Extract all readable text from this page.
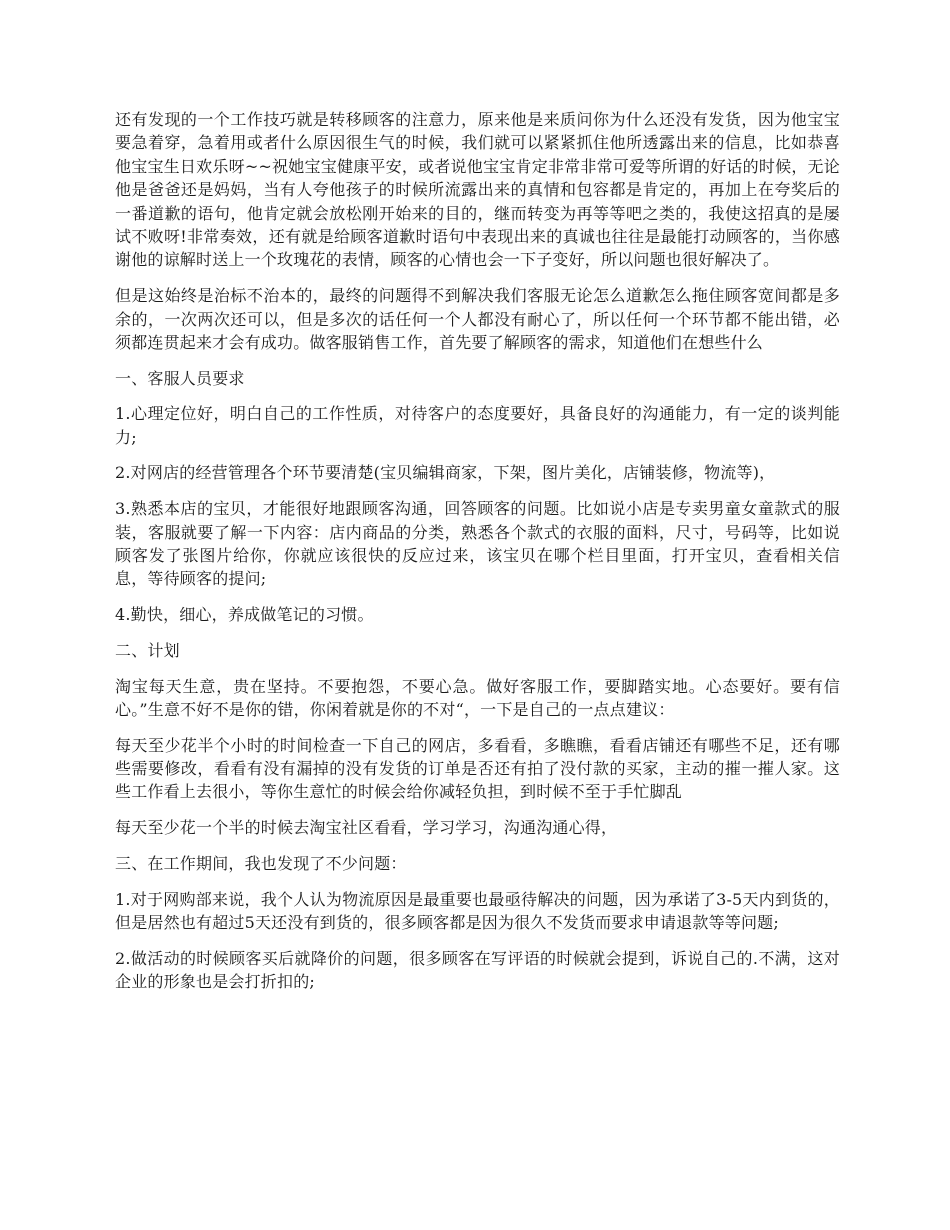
还有发现的一个工作技巧就是转移顾客的注意力，原来他是来质问你为什么还没有发货，因为他宝宝要急着穿，急着用或者什么原因很生气的时候，我们就可以紧紧抓住他所透露出来的信息，比如恭喜他宝宝生日欢乐呀~~祝她宝宝健康平安，或者说他宝宝肯定非常非常可爱等所谓的好话的时候，无论他是爸爸还是妈妈，当有人夸他孩子的时候所流露出来的真情和包容都是肯定的，再加上在夸奖后的一番道歉的语句，他肯定就会放松刚开始来的目的，继而转变为再等等吧之类的，我使这招真的是屡试不败呀!非常奏效，还有就是给顾客道歉时语句中表现出来的真诚也往往是最能打动顾客的，当你感谢他的谅解时送上一个玫瑰花的表情，顾客的心情也会一下子变好，所以问题也很好解决了。

但是这始终是治标不治本的，最终的问题得不到解决我们客服无论怎么道歉怎么拖住顾客宽间都是多余的，一次两次还可以，但是多次的话任何一个人都没有耐心了，所以任何一个环节都不能出错，必须都连贯起来才会有成功。做客服销售工作，首先要了解顾客的需求，知道他们在想些什么

一、客服人员要求

1.心理定位好，明白自己的工作性质，对待客户的态度要好，具备良好的沟通能力，有一定的谈判能力;

2.对网店的经营管理各个环节要清楚(宝贝编辑商家，下架，图片美化，店铺装修，物流等)，

3.熟悉本店的宝贝，才能很好地跟顾客沟通，回答顾客的问题。比如说小店是专卖男童女童款式的服装，客服就要了解一下内容：店内商品的分类，熟悉各个款式的衣服的面料，尺寸，号码等，比如说顾客发了张图片给你，你就应该很快的反应过来，该宝贝在哪个栏目里面，打开宝贝，查看相关信息，等待顾客的提问;

4.勤快，细心，养成做笔记的习惯。

二、计划

淘宝每天生意，贵在坚持。不要抱怨，不要心急。做好客服工作，要脚踏实地。心态要好。要有信心。”生意不好不是你的错，你闲着就是你的不对“，一下是自己的一点点建议：

每天至少花半个小时的时间检查一下自己的网店，多看看，多瞧瞧，看看店铺还有哪些不足，还有哪些需要修改，看看有没有漏掉的没有发货的订单是否还有拍了没付款的买家，主动的摧一摧人家。这些工作看上去很小，等你生意忙的时候会给你减轻负担，到时候不至于手忙脚乱

每天至少花一个半的时候去淘宝社区看看，学习学习，沟通沟通心得，

三、在工作期间，我也发现了不少问题：

1.对于网购部来说，我个人认为物流原因是最重要也最亟待解决的问题，因为承诺了3-5天内到货的，但是居然也有超过5天还没有到货的，很多顾客都是因为很久不发货而要求申请退款等等问题;

2.做活动的时候顾客买后就降价的问题，很多顾客在写评语的时候就会提到，诉说自己的.不满，这对企业的形象也是会打折扣的;
